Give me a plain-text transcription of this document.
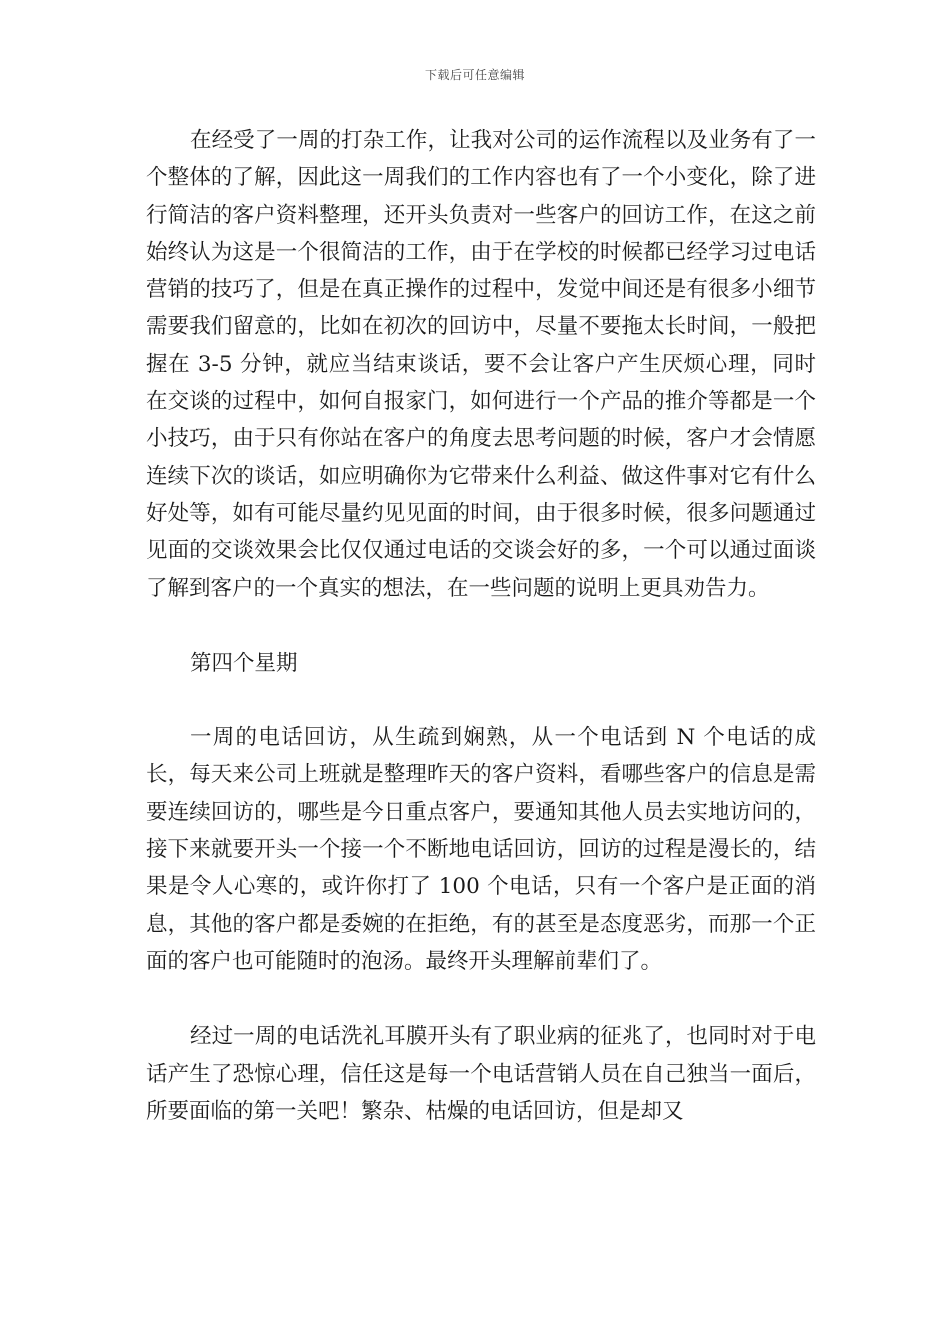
下载后可任意编辑

在经受了一周的打杂工作，让我对公司的运作流程以及业务有了一个整体的了解，因此这一周我们的工作内容也有了一个小变化，除了进行简洁的客户资料整理，还开头负责对一些客户的回访工作，在这之前始终认为这是一个很简洁的工作，由于在学校的时候都已经学习过电话营销的技巧了，但是在真正操作的过程中，发觉中间还是有很多小细节需要我们留意的，比如在初次的回访中，尽量不要拖太长时间，一般把握在 3-5 分钟，就应当结束谈话，要不会让客户产生厌烦心理，同时在交谈的过程中，如何自报家门，如何进行一个产品的推介等都是一个小技巧，由于只有你站在客户的角度去思考问题的时候，客户才会情愿连续下次的谈话，如应明确你为它带来什么利益、做这件事对它有什么好处等，如有可能尽量约见见面的时间，由于很多时候，很多问题通过见面的交谈效果会比仅仅通过电话的交谈会好的多，一个可以通过面谈了解到客户的一个真实的想法，在一些问题的说明上更具劝告力。

第四个星期

一周的电话回访，从生疏到娴熟，从一个电话到 N 个电话的成长，每天来公司上班就是整理昨天的客户资料，看哪些客户的信息是需要连续回访的，哪些是今日重点客户，要通知其他人员去实地访问的，接下来就要开头一个接一个不断地电话回访，回访的过程是漫长的，结果是令人心寒的，或许你打了 100 个电话，只有一个客户是正面的消息，其他的客户都是委婉的在拒绝，有的甚至是态度恶劣，而那一个正面的客户也可能随时的泡汤。最终开头理解前辈们了。

经过一周的电话洗礼耳膜开头有了职业病的征兆了，也同时对于电话产生了恐惊心理，信任这是每一个电话营销人员在自己独当一面后，所要面临的第一关吧！繁杂、枯燥的电话回访，但是却又
